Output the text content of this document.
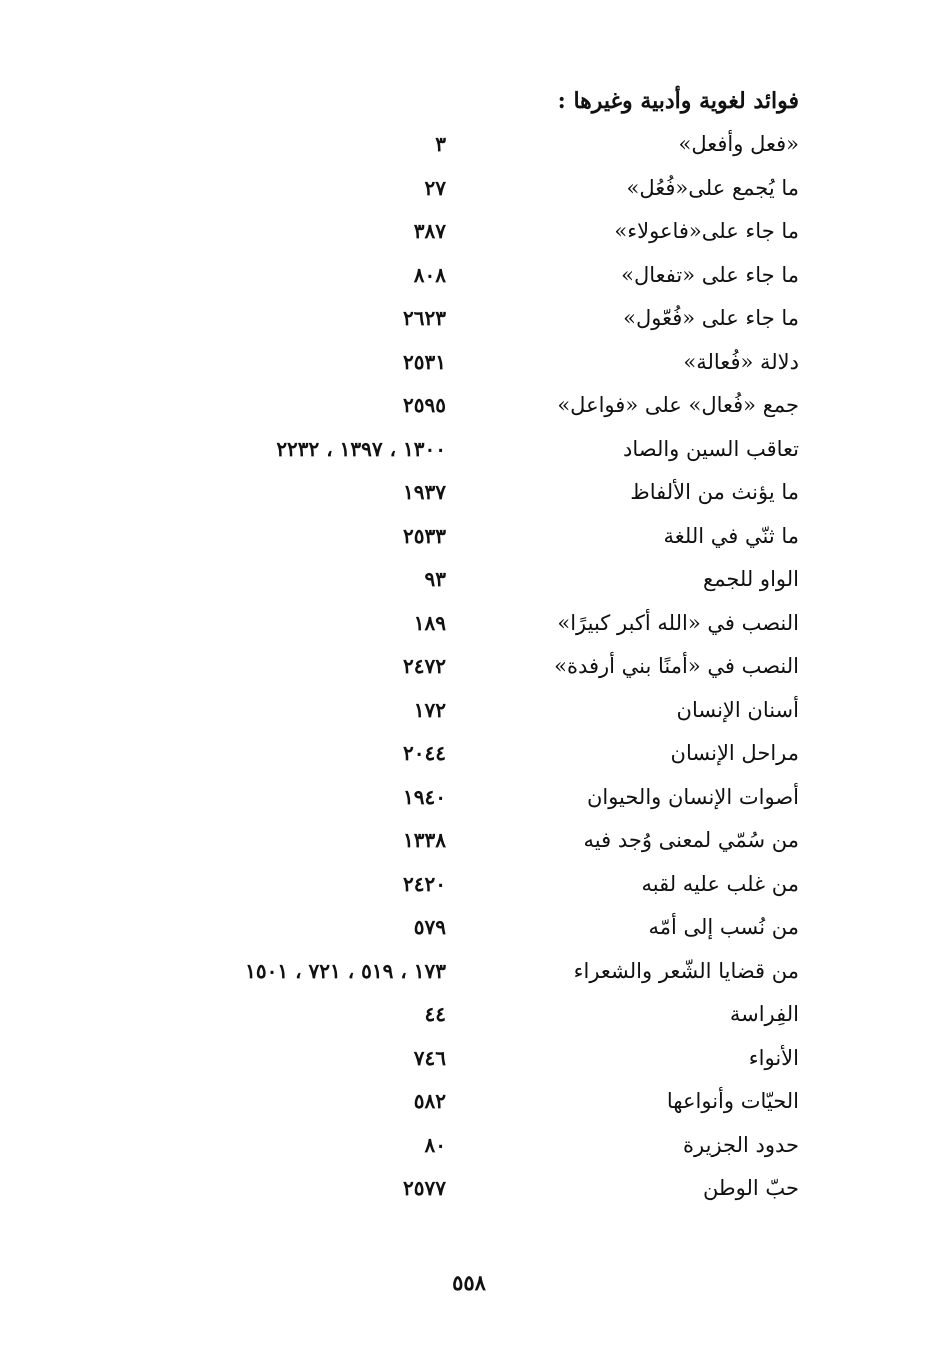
فوائد لغوية وأدبية وغيرها :
«فعل وأفعل»
٣
ما يُجمع على«فُعُل»
٢٧
ما جاء على«فاعولاء»
٣٨٧
ما جاء على «تفعال»
٨٠٨
ما جاء على «فُعّول»
٢٦٢٣
دلالة «فُعالة»
٢٥٣١
جمع «فُعال» على «فواعل»
٢٥٩٥
تعاقب السين والصاد
١٣٠٠ ، ١٣٩٧ ، ٢٢٣٢
ما يؤنث من الألفاظ
١٩٣٧
ما ثنّي في اللغة
٢٥٣٣
الواو للجمع
٩٣
النصب في «الله أكبر كبيرًا»
١٨٩
النصب في «أمنًا بني أرفدة»
٢٤٧٢
أسنان الإنسان
١٧٢
مراحل الإنسان
٢٠٤٤
أصوات الإنسان والحيوان
١٩٤٠
من سُمّي لمعنى وُجد فيه
١٣٣٨
من غلب عليه لقبه
٢٤٢٠
من نُسب إلى أمّه
٥٧٩
من قضايا الشّعر والشعراء
١٧٣ ، ٥١٩ ، ٧٢١ ، ١٥٠١
الفِراسة
٤٤
الأنواء
٧٤٦
الحيّات وأنواعها
٥٨٢
حدود الجزيرة
٨٠
حبّ الوطن
٢٥٧٧
٥٥٨
